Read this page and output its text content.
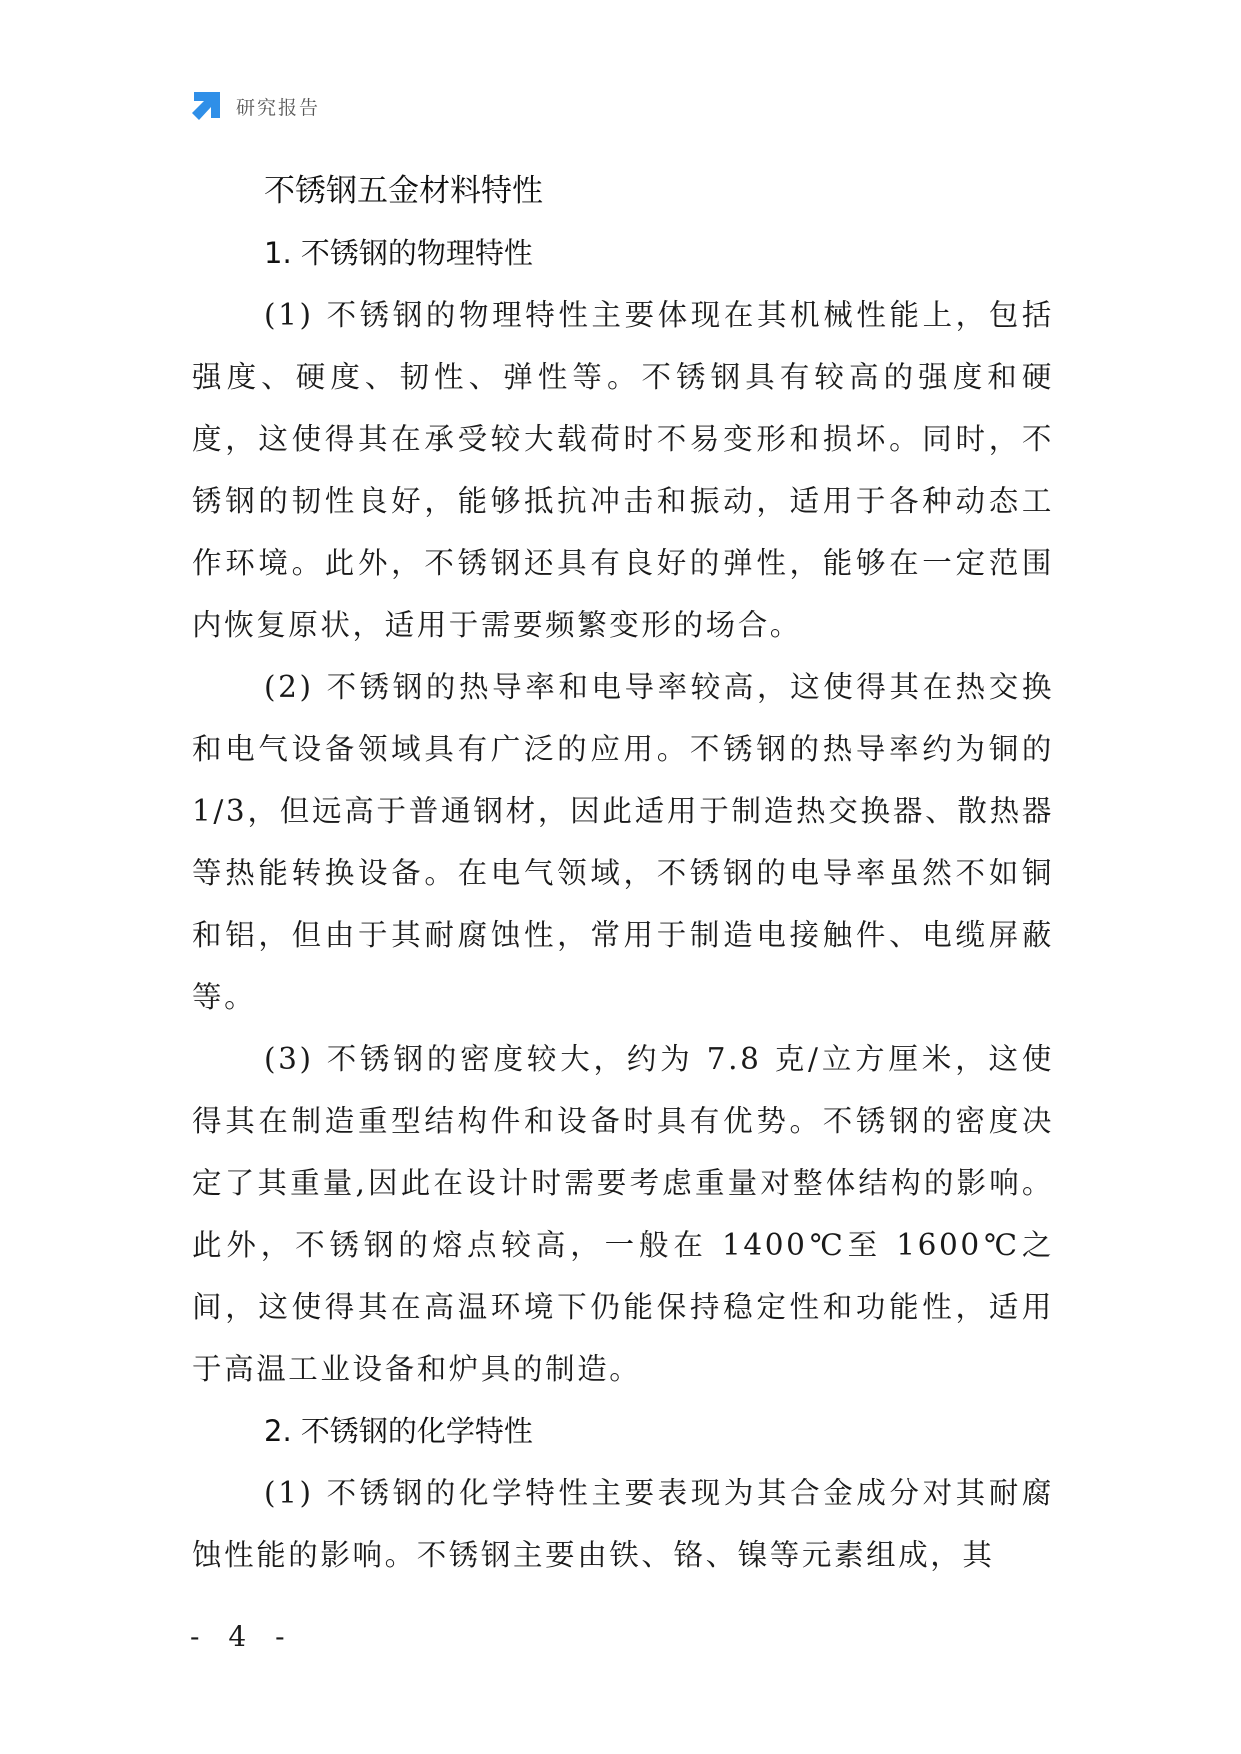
研究报告
不锈钢五金材料特性
1. 不锈钢的物理特性

(1) 不锈钢的物理特性主要体现在其机械性能上，包括强度、硬度、韧性、弹性等。不锈钢具有较高的强度和硬度，这使得其在承受较大载荷时不易变形和损坏。同时，不锈钢的韧性良好，能够抵抗冲击和振动，适用于各种动态工作环境。此外，不锈钢还具有良好的弹性，能够在一定范围内恢复原状，适用于需要频繁变形的场合。

(2) 不锈钢的热导率和电导率较高，这使得其在热交换和电气设备领域具有广泛的应用。不锈钢的热导率约为铜的1/3，但远高于普通钢材，因此适用于制造热交换器、散热器等热能转换设备。在电气领域，不锈钢的电导率虽然不如铜和铝，但由于其耐腐蚀性，常用于制造电接触件、电缆屏蔽等。

(3) 不锈钢的密度较大，约为 7.8 克/立方厘米，这使得其在制造重型结构件和设备时具有优势。不锈钢的密度决定了其重量,因此在设计时需要考虑重量对整体结构的影响。此外，不锈钢的熔点较高，一般在 1400℃至 1600℃之间，这使得其在高温环境下仍能保持稳定性和功能性，适用于高温工业设备和炉具的制造。

2. 不锈钢的化学特性

(1) 不锈钢的化学特性主要表现为其合金成分对其耐腐蚀性能的影响。不锈钢主要由铁、铬、镍等元素组成，其

- 4 -
